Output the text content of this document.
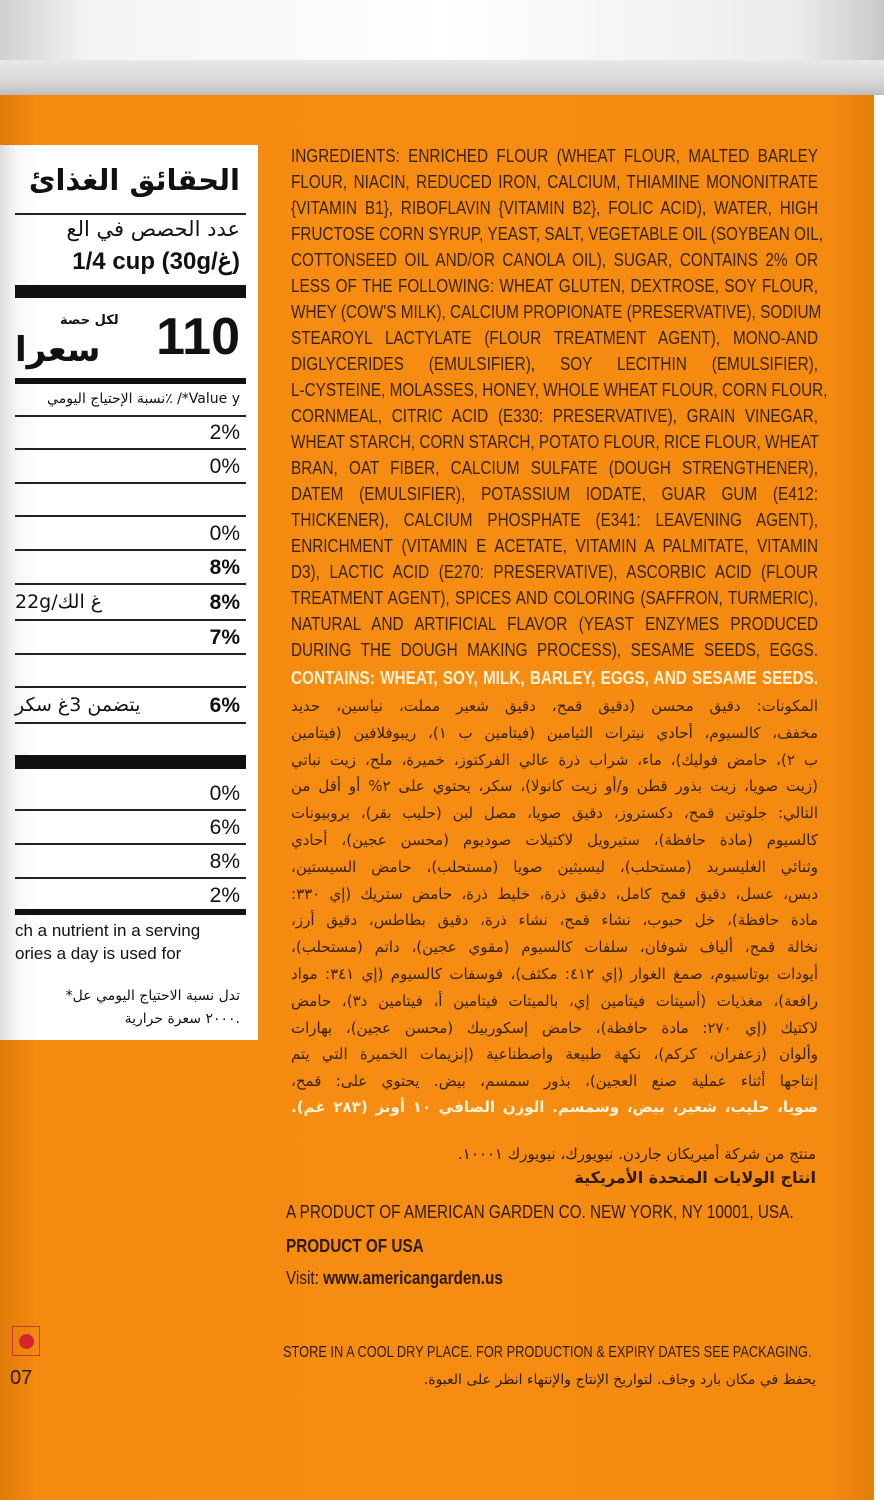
الحقائق الغذائ
عدد الحصص في الع
1/4 cup (30g/غ)
لكل حصة 110
سعرا
نسبة الإحتياج اليومي٪ /*Value y
2%
0%
0%
8%
22g/غ الك	8%
7%
يتضمن 3غ سكر	6%
0%
6%
8%
2%
ch a nutrient in a serving
ories a day is used for
*تدل نسبة الاحتياج اليومي عل
٢٠٠٠ سعرة حرارية.
INGREDIENTS: ENRICHED FLOUR (WHEAT FLOUR, MALTED BARLEY
FLOUR, NIACIN, REDUCED IRON, CALCIUM, THIAMINE MONONITRATE
{VITAMIN B1}, RIBOFLAVIN {VITAMIN B2}, FOLIC ACID), WATER, HIGH
FRUCTOSE CORN SYRUP, YEAST, SALT, VEGETABLE OIL (SOYBEAN OIL,
COTTONSEED OIL AND/OR CANOLA OIL), SUGAR, CONTAINS 2% OR
LESS OF THE FOLLOWING: WHEAT GLUTEN, DEXTROSE, SOY FLOUR,
WHEY (COW'S MILK), CALCIUM PROPIONATE (PRESERVATIVE), SODIUM
STEAROYL LACTYLATE (FLOUR TREATMENT AGENT), MONO-AND
DIGLYCERIDES (EMULSIFIER), SOY LECITHIN (EMULSIFIER),
L-CYSTEINE, MOLASSES, HONEY, WHOLE WHEAT FLOUR, CORN FLOUR,
CORNMEAL, CITRIC ACID (E330: PRESERVATIVE), GRAIN VINEGAR,
WHEAT STARCH, CORN STARCH, POTATO FLOUR, RICE FLOUR, WHEAT
BRAN, OAT FIBER, CALCIUM SULFATE (DOUGH STRENGTHENER),
DATEM (EMULSIFIER), POTASSIUM IODATE, GUAR GUM (E412:
THICKENER), CALCIUM PHOSPHATE (E341: LEAVENING AGENT),
ENRICHMENT (VITAMIN E ACETATE, VITAMIN A PALMITATE, VITAMIN
D3), LACTIC ACID (E270: PRESERVATIVE), ASCORBIC ACID (FLOUR
TREATMENT AGENT), SPICES AND COLORING (SAFFRON, TURMERIC),
NATURAL AND ARTIFICIAL FLAVOR (YEAST ENZYMES PRODUCED
DURING THE DOUGH MAKING PROCESS), SESAME SEEDS, EGGS.
المكونات: دقيق محسن (دقيق قمح، دقيق شعير مملت، نياسين، حديد
مخفف، كالسيوم، أحادي نيترات الثيامين (فيتامين ب ١)، ريبوفلافين (فيتامين
ب ٢)، حامض فوليك)، ماء، شراب ذرة عالي الفركتوز، خميرة، ملح، زيت نباتي
(زيت صويا، زيت بذور قطن و/أو زيت كانولا)، سكر، يحتوي على ٢% أو أقل من
التالي: جلوتين قمح، دكستروز، دقيق صويا، مصل لبن (حليب بقر)، بروبيونات
كالسيوم (مادة حافظة)، ستيرويل لاكتيلات صوديوم (محسن عجين)، أحادي
وثنائي الغليسريد (مستحلب)، ليسيثين صويا (مستحلب)، حامض السيستين،
دبس، عسل، دقيق قمح كامل، دقيق ذرة، خليط ذرة، حامض ستريك (إي ٣٣٠:
مادة حافظة)، خل حبوب، نشاء قمح، نشاء ذرة، دقيق بطاطس، دقيق أرز،
نخالة قمح، ألياف شوفان، سلفات كالسيوم (مقوي عجين)، داتم (مستحلب)،
أيودات بوتاسيوم، صمغ الغوار (إي ٤١٢: مكثف)، فوسفات كالسيوم (إي ٣٤١: مواد
رافعة)، مغذيات (أسيتات فيتامين إي، بالميتات فيتامين أ، فيتامين د٣)، حامض
لاكتيك (إي ٢٧٠: مادة حافظة)، حامض إسكوربيك (محسن عجين)، بهارات
وألوان (زعفران، كركم)، نكهة طبيعة واصطناعية (إنزيمات الخميرة التي يتم
إنتاجها أثناء عملية صنع العجين)، بذور سمسم، بيض. يحتوي على: قمح،
CONTAINS: WHEAT, SOY, MILK, BARLEY, EGGS, AND SESAME SEEDS.
صويا، حليب، شعير، بيض، وسمسم. الوزن الصافي ١٠ أونز (٢٨٣ غم).
منتج من شركة أميريكان جاردن. نيويورك، نيويورك ١٠٠٠١.
انتاج الولايات المتحدة الأمريكية
A PRODUCT OF AMERICAN GARDEN CO. NEW YORK, NY 10001, USA.
PRODUCT OF USA
Visit: www.americangarden.us
07
STORE IN A COOL DRY PLACE. FOR PRODUCTION & EXPIRY DATES SEE PACKAGING.
يحفظ في مكان بارد وجاف. لتواريخ الإنتاج والإنتهاء انظر على العبوة.
